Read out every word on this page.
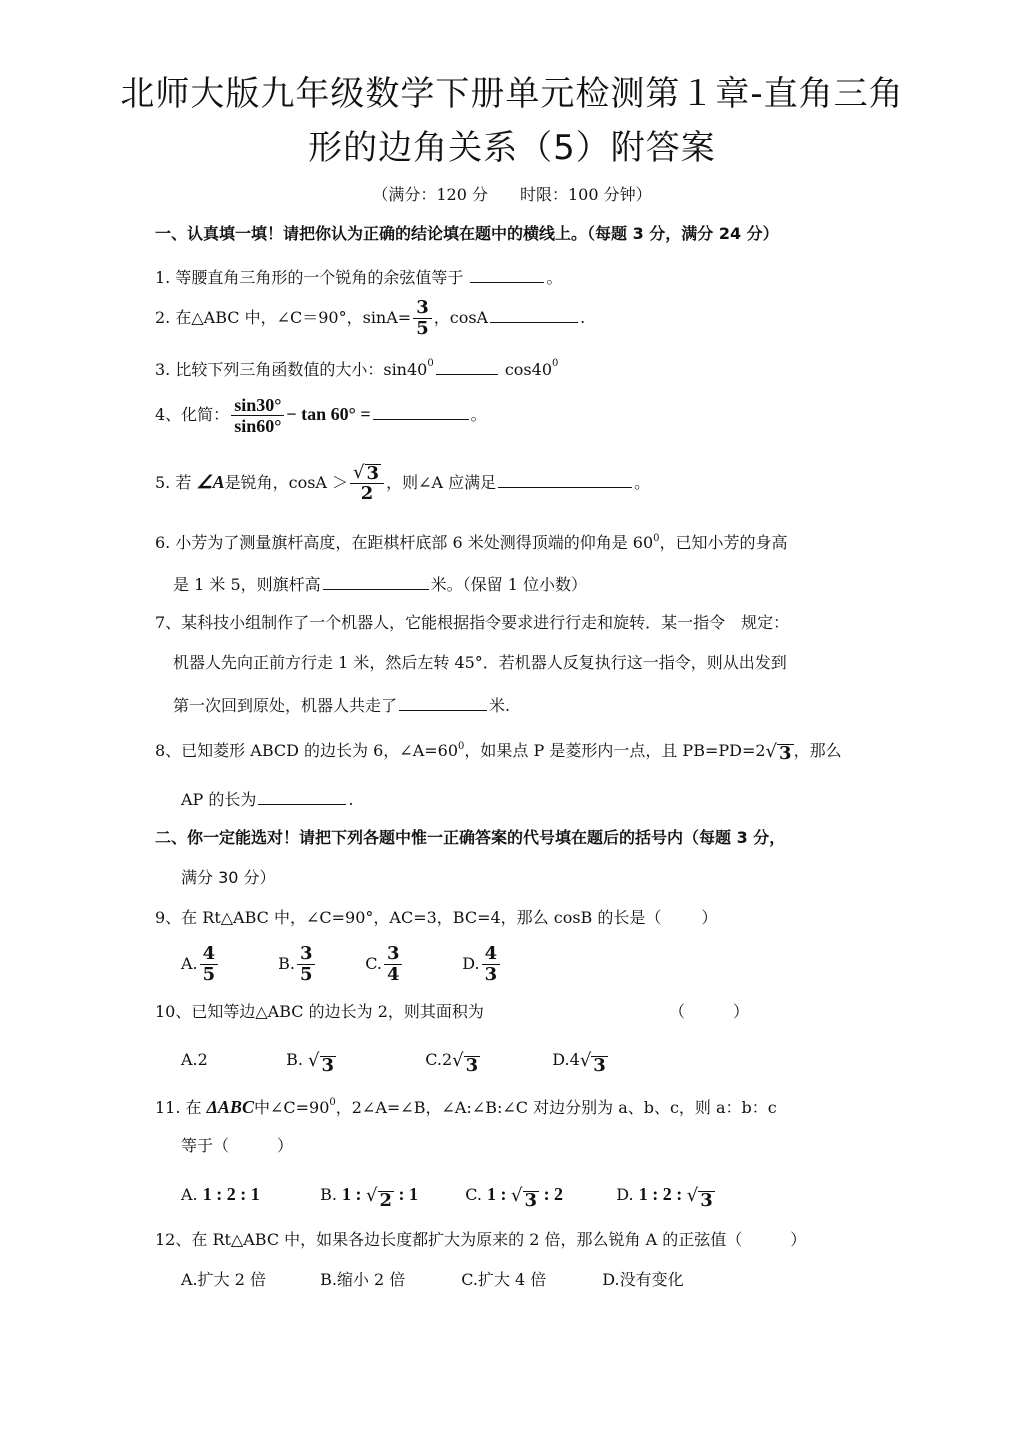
北师大版九年级数学下册单元检测第１章-直角三角
形的边角关系（5）附答案
（满分：120 分　　时限：100 分钟）
一、认真填一填！请把你认为正确的结论填在题中的横线上。（每题 3 分，满分 24 分）
1. 等腰直角三角形的一个锐角的余弦值等于	。
2. 在△ABC 中，∠C＝90°，$\sin A= \frac{3}{5}$ ，cosA	.
3. 比较下列三角函数值的大小：$\sin 40^0$	$\cos 40^0$
4、化简： $\frac{\sin 30^\circ}{\sin 60^\circ} - \tan 60^\circ$ =	。
5. 若 ∠A是锐角，$\cos A > \frac{√ 3}{2}$ ，则∠A 应满足	。
6. 小芳为了测量旗杆高度，在距棋杆底部 6 米处测得顶端的仰角是 $60^0$，已知小芳的身高
是 1 米 5，则旗杆高	米。（保留 1 位小数）
7、某科技小组制作了一个机器人，它能根据指令要求进行行走和旋转．某一指令　规定：
机器人先向正前方行走 1 米，然后左转 45°．若机器人反复执行这一指令，则从出发到
第一次回到原处，机器人共走了	米.
8、已知菱形 ABCD 的边长为 6，$\angle A=60^0$，如果点 P 是菱形内一点，且 PB=PD=2 √ 3 ，那么
AP 的长为	.
二、你一定能选对！请把下列各题中惟一正确答案的代号填在题后的括号内（每题 3 分，
满分 30 分）
9、在 Rt△ABC 中，∠C=90°，AC=3，BC=4，那么 cosB 的长是（	）
A. $\frac{4}{5}$	B. $\frac{3}{5}$	C. $\frac{3}{4}$	D. $\frac{4}{3}$
10、已知等边△ABC 的边长为 2，则其面积为	（　　　）
A.2	B. √ 3	C.2 √ 3	D.4 √ 3
11. 在 ΔABC中$\angle C=90^0$，2∠A=∠B，∠A:∠B:∠C 对边分别为 a、b、c，则 a：b：c
等于（　　　）
A. 1 : 2 : 1	B. 1 : √ 2 : 1	C. 1 : √ 3 : 2	D. 1 : 2 : √ 3
12、在 Rt△ABC 中，如果各边长度都扩大为原来的 2 倍，那么锐角 A 的正弦值（　　　）
A.扩大 2 倍	B.缩小 2 倍	C.扩大 4 倍	D.没有变化
